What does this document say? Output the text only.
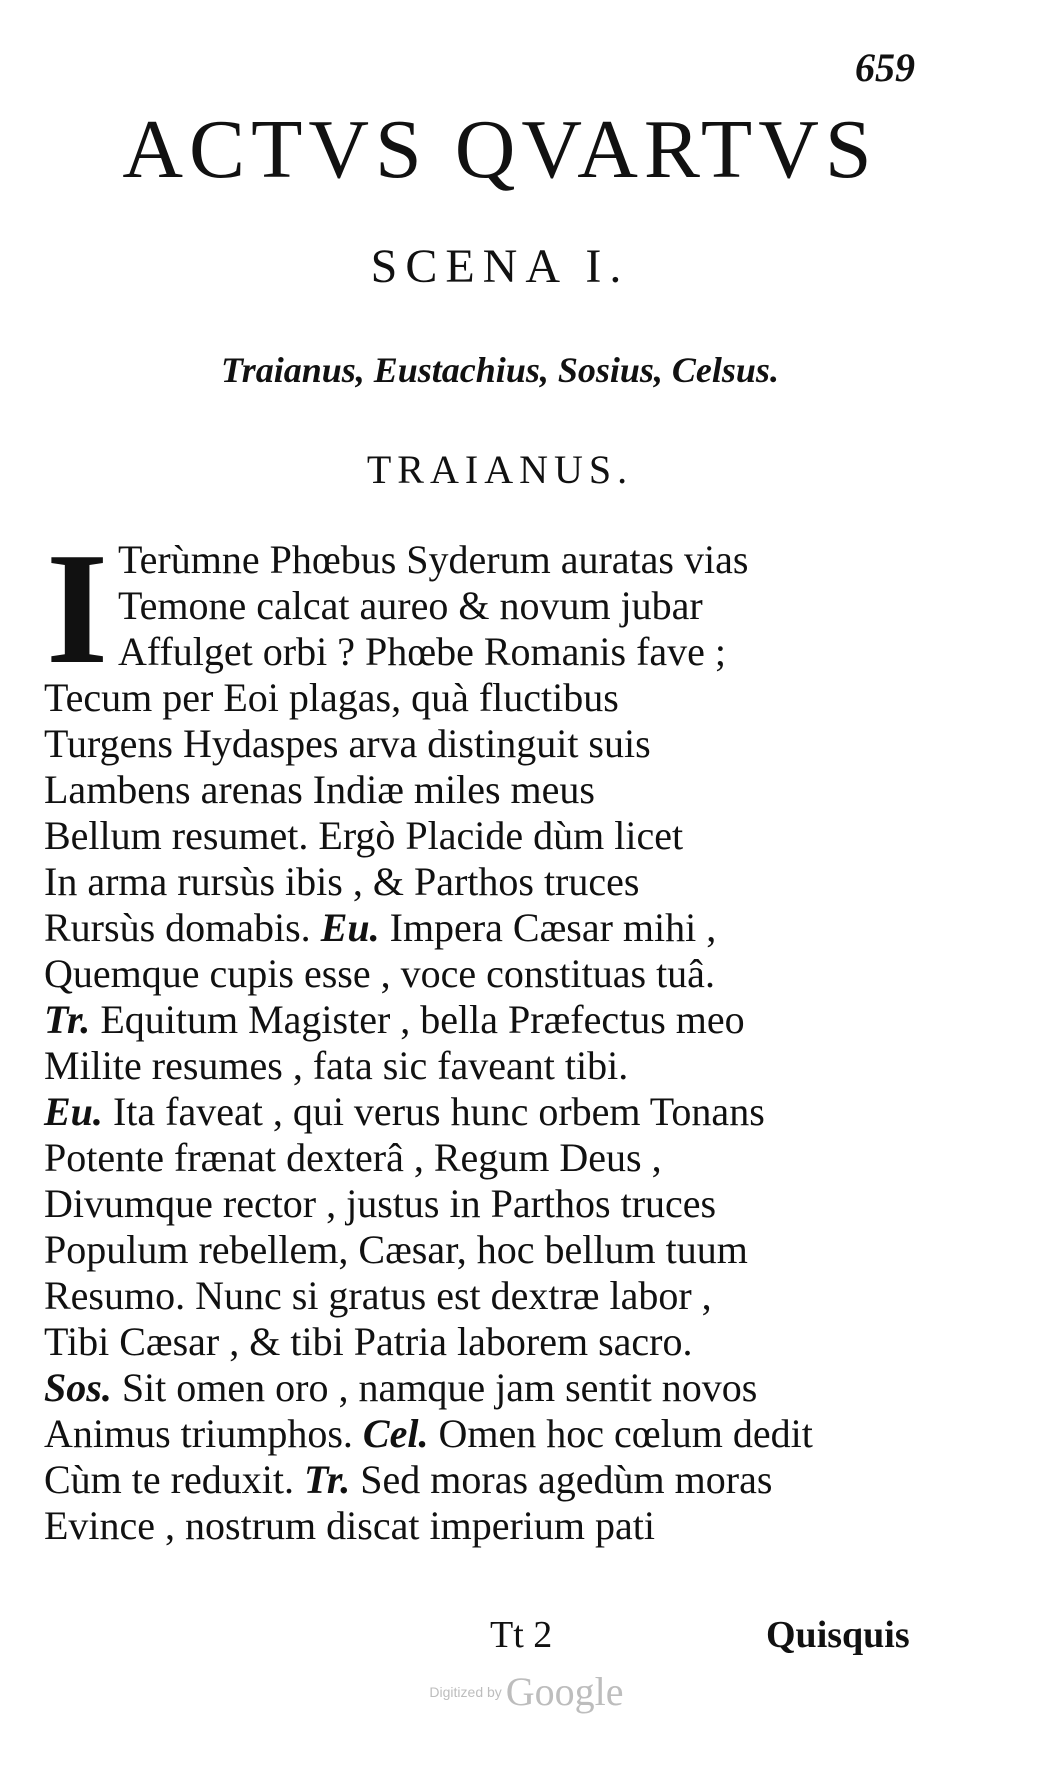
659
ACTVS QVARTVS
SCENA I.
Traianus, Eustachius, Sosius, Celsus.
TRAIANUS.
I Terùmne Phœbus Syderum auratas vias
Temone calcat aureo & novum jubar
Affulget orbi ? Phœbe Romanis fave ;
Tecum per Eoi plagas, quà fluctibus
Turgens Hydaspes arva distinguit suis
Lambens arenas Indiæ miles meus
Bellum resumet. Ergò Placide dùm licet
In arma rursùs ibis , & Parthos truces
Rursùs domabis. Eu. Impera Cæsar mihi ,
Quemque cupis esse , voce constituas tuâ.
Tr. Equitum Magister , bella Præfectus meo
Milite resumes , fata sic faveant tibi.
Eu. Ita faveat , qui verus hunc orbem Tonans
Potente frænat dexterâ , Regum Deus ,
Divumque rector , justus in Parthos truces
Populum rebellem, Cæsar, hoc bellum tuum
Resumo. Nunc si gratus est dextræ labor ,
Tibi Cæsar , & tibi Patria laborem sacro.
Sos. Sit omen oro , namque jam sentit novos
Animus triumphos. Cel. Omen hoc cœlum dedit
Cùm te reduxit. Tr. Sed moras agedùm moras
Evince , nostrum discat imperium pati
Tt 2	Quisquis
Digitized by Google
